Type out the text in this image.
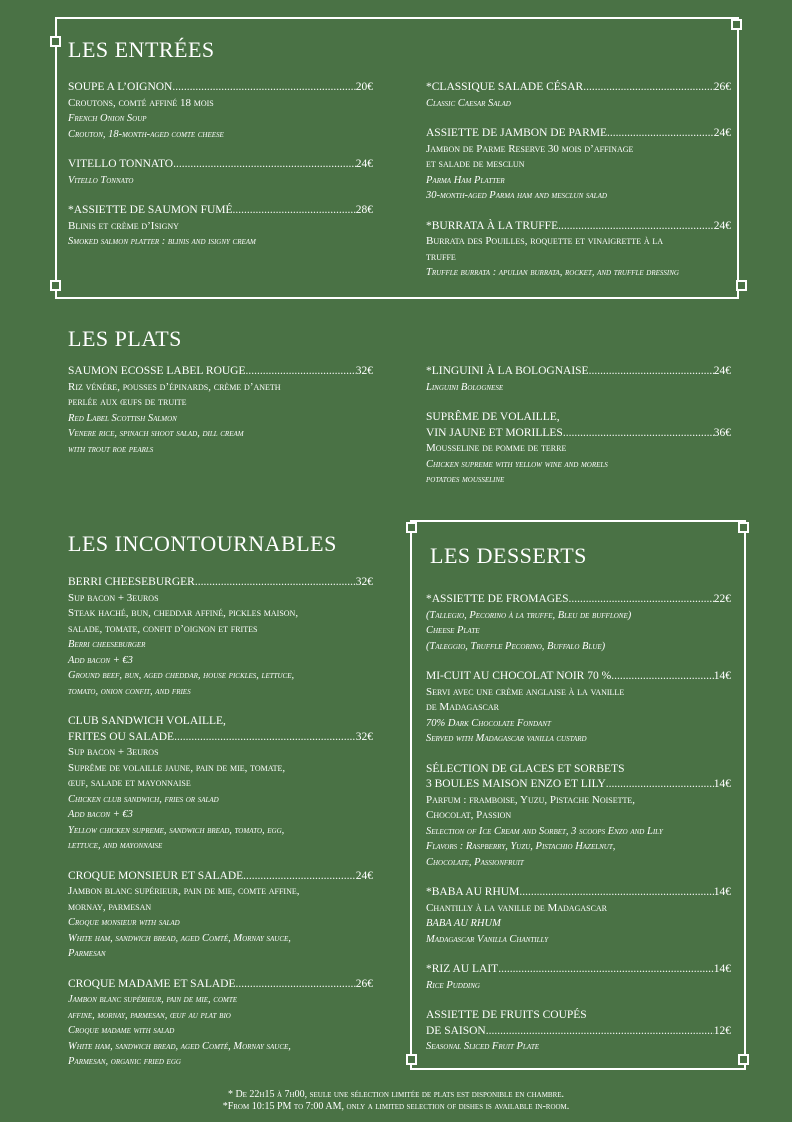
LES ENTRÉES
LES PLATS
LES INCONTOURNABLES	LES DESSERTS
SOUPE A L’OIGNON .....	20€
Croutons, comté affiné 18 mois
French Onion Soup
Crouton, 18-month-aged comte cheese
VITELLO TONNATO .....	24€
Vitello Tonnato
*ASSIETTE DE SAUMON FUMÉ .....	28€
Blinis et crème d’Isigny
Smoked salmon platter : blinis and isigny cream
*CLASSIQUE SALADE CÉSAR .....	26€
Classic Caesar Salad
ASSIETTE DE JAMBON DE PARME .....	24€
Jambon de Parme Reserve 30 mois d’affinage
et salade de mesclun
Parma Ham Platter
30-month-aged Parma ham and mesclun salad
*BURRATA À LA TRUFFE .....	24€
Burrata des Pouilles, roquette et vinaigrette à la
truffe
Truffle burrata : apulian burrata, rocket, and truffle dressing
SAUMON ECOSSE LABEL ROUGE .....	32€
Riz vénére, pousses d’épinards, crème d’aneth
perlée aux œufs de truite
Red Label Scottish Salmon
Venere rice, spinach shoot salad, dill cream
with trout roe pearls
*LINGUINI À LA BOLOGNAISE .....	24€
Linguini Bolognese
SUPRÊME DE VOLAILLE,
VIN JAUNE ET MORILLES .....	36€
Mousseline de pomme de terre
Chicken supreme with yellow wine and morels
potatoes mousseline
BERRI CHEESEBURGER .....	32€
Sup bacon + 3euros
Steak haché, bun, cheddar affiné, pickles maison,
salade, tomate, confit d’oignon et frites
Berri cheeseburger
Add bacon + €3
Ground beef, bun, aged cheddar, house pickles, lettuce,
tomato, onion confit, and fries
CLUB SANDWICH VOLAILLE,
FRITES OU SALADE .....	32€
Sup bacon + 3euros
Suprême de volaille jaune, pain de mie, tomate,
œuf, salade et mayonnaise
Chicken club sandwich, fries or salad
Add bacon + €3
Yellow chicken supreme, sandwich bread, tomato, egg,
lettuce, and mayonnaise
CROQUE MONSIEUR ET SALADE .....	24€
Jambon blanc supérieur, pain de mie, comte affine,
mornay, parmesan
Croque monsieur with salad
White ham, sandwich bread, aged Comté, Mornay sauce,
Parmesan
CROQUE MADAME ET SALADE .....	26€
Jambon blanc supérieur, pain de mie, comte
affine, mornay, parmesan, œuf au plat bio
Croque madame with salad
White ham, sandwich bread, aged Comté, Mornay sauce,
Parmesan, organic fried egg
*ASSIETTE DE FROMAGES .....	22€
(Tallegio, Pecorino à la truffe, Bleu de bufflone)
Cheese Plate
(Taleggio, Truffle Pecorino, Buffalo Blue)
MI-CUIT AU CHOCOLAT NOIR 70 % .....	14€
Servi avec une crème anglaise à la vanille
de Madagascar
70% Dark Chocolate Fondant
Served with Madagascar vanilla custard
SÉLECTION DE GLACES ET SORBETS
3 BOULES MAISON ENZO ET LILY .....	14€
Parfum : framboise, Yuzu, Pistache Noisette,
Chocolat, Passion
Selection of Ice Cream and Sorbet, 3 scoops Enzo and Lily
Flavors : Raspberry, Yuzu, Pistachio Hazelnut,
Chocolate, Passionfruit
*BABA AU RHUM .....	14€
Chantilly à la vanille de Madagascar
BABA AU RHUM
Madagascar Vanilla Chantilly
*RIZ AU LAIT .....	14€
Rice Pudding
ASSIETTE DE FRUITS COUPÉS
DE SAISON .....	12€
Seasonal Sliced Fruit Plate
* De 22h15 à 7h00, seule une sélection limitée de plats est disponible en chambre.
*From 10:15 PM to 7:00 AM, only a limited selection of dishes is available in-room.
